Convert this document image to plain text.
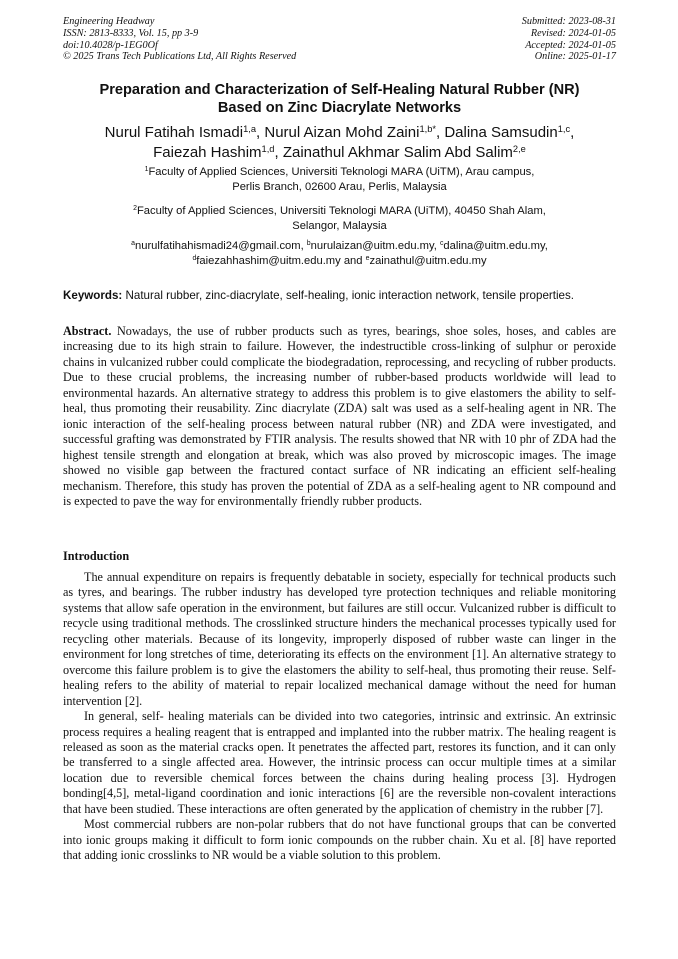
Engineering Headway
ISSN: 2813-8333, Vol. 15, pp 3-9
doi:10.4028/p-1EG0Of
© 2025 Trans Tech Publications Ltd, All Rights Reserved
Submitted: 2023-08-31
Revised: 2024-01-05
Accepted: 2024-01-05
Online: 2025-01-17
Preparation and Characterization of Self-Healing Natural Rubber (NR)
Based on Zinc Diacrylate Networks
Nurul Fatihah Ismadi$^{1,a}$, Nurul Aizan Mohd Zaini$^{1,b*}$, Dalina Samsudin$^{1,c}$,
Faiezah Hashim$^{1,d}$, Zainathul Akhmar Salim Abd Salim$^{2,e}$
$^1$Faculty of Applied Sciences, Universiti Teknologi MARA (UiTM), Arau campus,
Perlis Branch, 02600 Arau, Perlis, Malaysia
$^2$Faculty of Applied Sciences, Universiti Teknologi MARA (UiTM), 40450 Shah Alam,
Selangor, Malaysia
$^a$nurulfatihahismadi24@gmail.com, $^b$nurulaizan@uitm.edu.my, $^c$dalina@uitm.edu.my,
$^d$faiezahhashim@uitm.edu.my and $^e$zainathul@uitm.edu.my
Keywords: Natural rubber, zinc-diacrylate, self-healing, ionic interaction network, tensile properties.

Abstract. Nowadays, the use of rubber products such as tyres, bearings, shoe soles, hoses, and cables are increasing due to its high strain to failure. However, the indestructible cross-linking of sulphur or peroxide chains in vulcanized rubber could complicate the biodegradation, reprocessing, and recycling of rubber products. Due to these crucial problems, the increasing number of rubber-based products worldwide will lead to environmental hazards. An alternative strategy to address this problem is to give elastomers the ability to self-heal, thus promoting their reusability. Zinc diacrylate (ZDA) salt was used as a self-healing agent in NR. The ionic interaction of the self-healing process between natural rubber (NR) and ZDA were investigated, and successful grafting was demonstrated by FTIR analysis. The results showed that NR with 10 phr of ZDA had the highest tensile strength and elongation at break, which was also proved by microscopic images. The image showed no visible gap between the fractured contact surface of NR indicating an efficient self-healing mechanism. Therefore, this study has proven the potential of ZDA as a self-healing agent to NR compound and is expected to pave the way for environmentally friendly rubber products.

Introduction

The annual expenditure on repairs is frequently debatable in society, especially for technical products such as tyres, and bearings. The rubber industry has developed tyre protection techniques and reliable monitoring systems that allow safe operation in the environment, but failures are still occur. Vulcanized rubber is difficult to recycle using traditional methods. The crosslinked structure hinders the mechanical processes typically used for recycling other materials. Because of its longevity, improperly disposed of rubber waste can linger in the environment for long stretches of time, deteriorating its effects on the environment [1]. An alternative strategy to overcome this failure problem is to give the elastomers the ability to self-heal, thus promoting their reuse. Self-healing refers to the ability of material to repair localized mechanical damage without the need for human intervention [2].

In general, self- healing materials can be divided into two categories, intrinsic and extrinsic. An extrinsic process requires a healing reagent that is entrapped and implanted into the rubber matrix. The healing reagent is released as soon as the material cracks open. It penetrates the affected part, restores its function, and it can only be transferred to a single affected area. However, the intrinsic process can occur multiple times at a similar location due to reversible chemical forces between the chains during healing process [3]. Hydrogen bonding[4,5], metal-ligand coordination and ionic interactions [6] are the reversible non-covalent interactions that have been studied. These interactions are often generated by the application of chemistry in the rubber [7].

Most commercial rubbers are non-polar rubbers that do not have functional groups that can be converted into ionic groups making it difficult to form ionic compounds on the rubber chain. Xu et al. [8] have reported that adding ionic crosslinks to NR would be a viable solution to this problem.
